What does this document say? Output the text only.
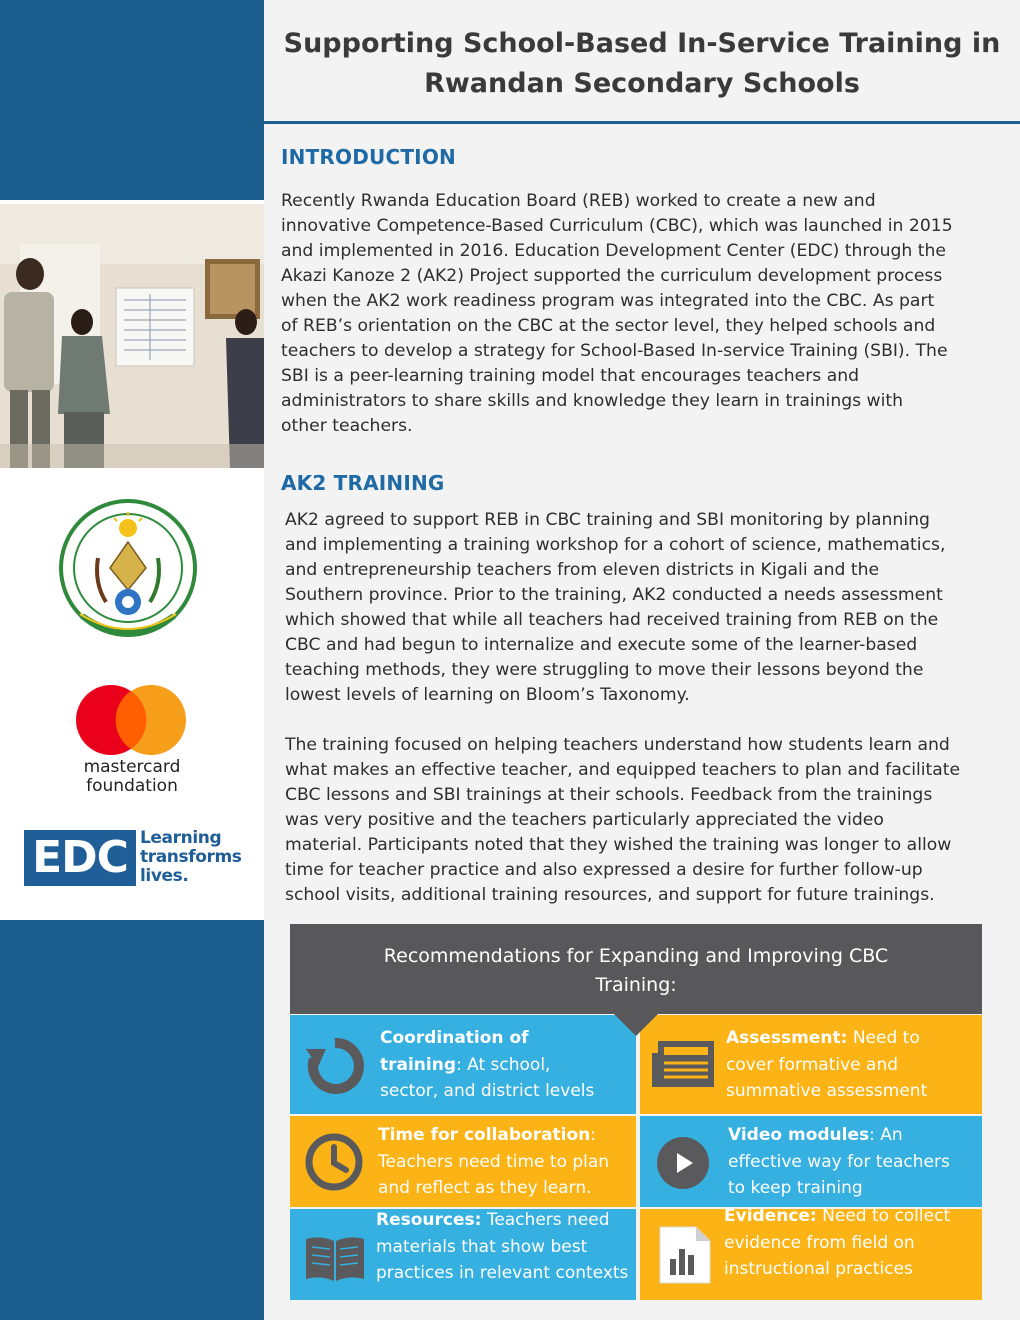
mastercard
foundation
EDC Learning
transforms
lives.
Supporting School-Based In-Service Training in
Rwandan Secondary Schools
INTRODUCTION
Recently Rwanda Education Board (REB) worked to create a new and
innovative Competence-Based Curriculum (CBC), which was launched in 2015
and implemented in 2016. Education Development Center (EDC) through the
Akazi Kanoze 2 (AK2) Project supported the curriculum development process
when the AK2 work readiness program was integrated into the CBC. As part
of REB’s orientation on the CBC at the sector level, they helped schools and
teachers to develop a strategy for School-Based In-service Training (SBI). The
SBI is a peer-learning training model that encourages teachers and
administrators to share skills and knowledge they learn in trainings with
other teachers.
AK2 TRAINING
AK2 agreed to support REB in CBC training and SBI monitoring by planning
and implementing a training workshop for a cohort of science, mathematics,
and entrepreneurship teachers from eleven districts in Kigali and the
Southern province. Prior to the training, AK2 conducted a needs assessment
which showed that while all teachers had received training from REB on the
CBC and had begun to internalize and execute some of the learner-based
teaching methods, they were struggling to move their lessons beyond the
lowest levels of learning on Bloom’s Taxonomy.
The training focused on helping teachers understand how students learn and
what makes an effective teacher, and equipped teachers to plan and facilitate
CBC lessons and SBI trainings at their schools. Feedback from the trainings
was very positive and the teachers particularly appreciated the video
material. Participants noted that they wished the training was longer to allow
time for teacher practice and also expressed a desire for further follow-up
school visits, additional training resources, and support for future trainings.
Recommendations for Expanding and Improving CBC
Training:
Coordination of
training: At school,
sector, and district levels
Assessment: Need to
cover formative and
summative assessment
Time for collaboration:
Teachers need time to plan
and reflect as they learn.
Video modules: An
effective way for teachers
to keep training
Resources: Teachers need
materials that show best
practices in relevant contexts
Evidence: Need to collect
evidence from field on
instructional practices
